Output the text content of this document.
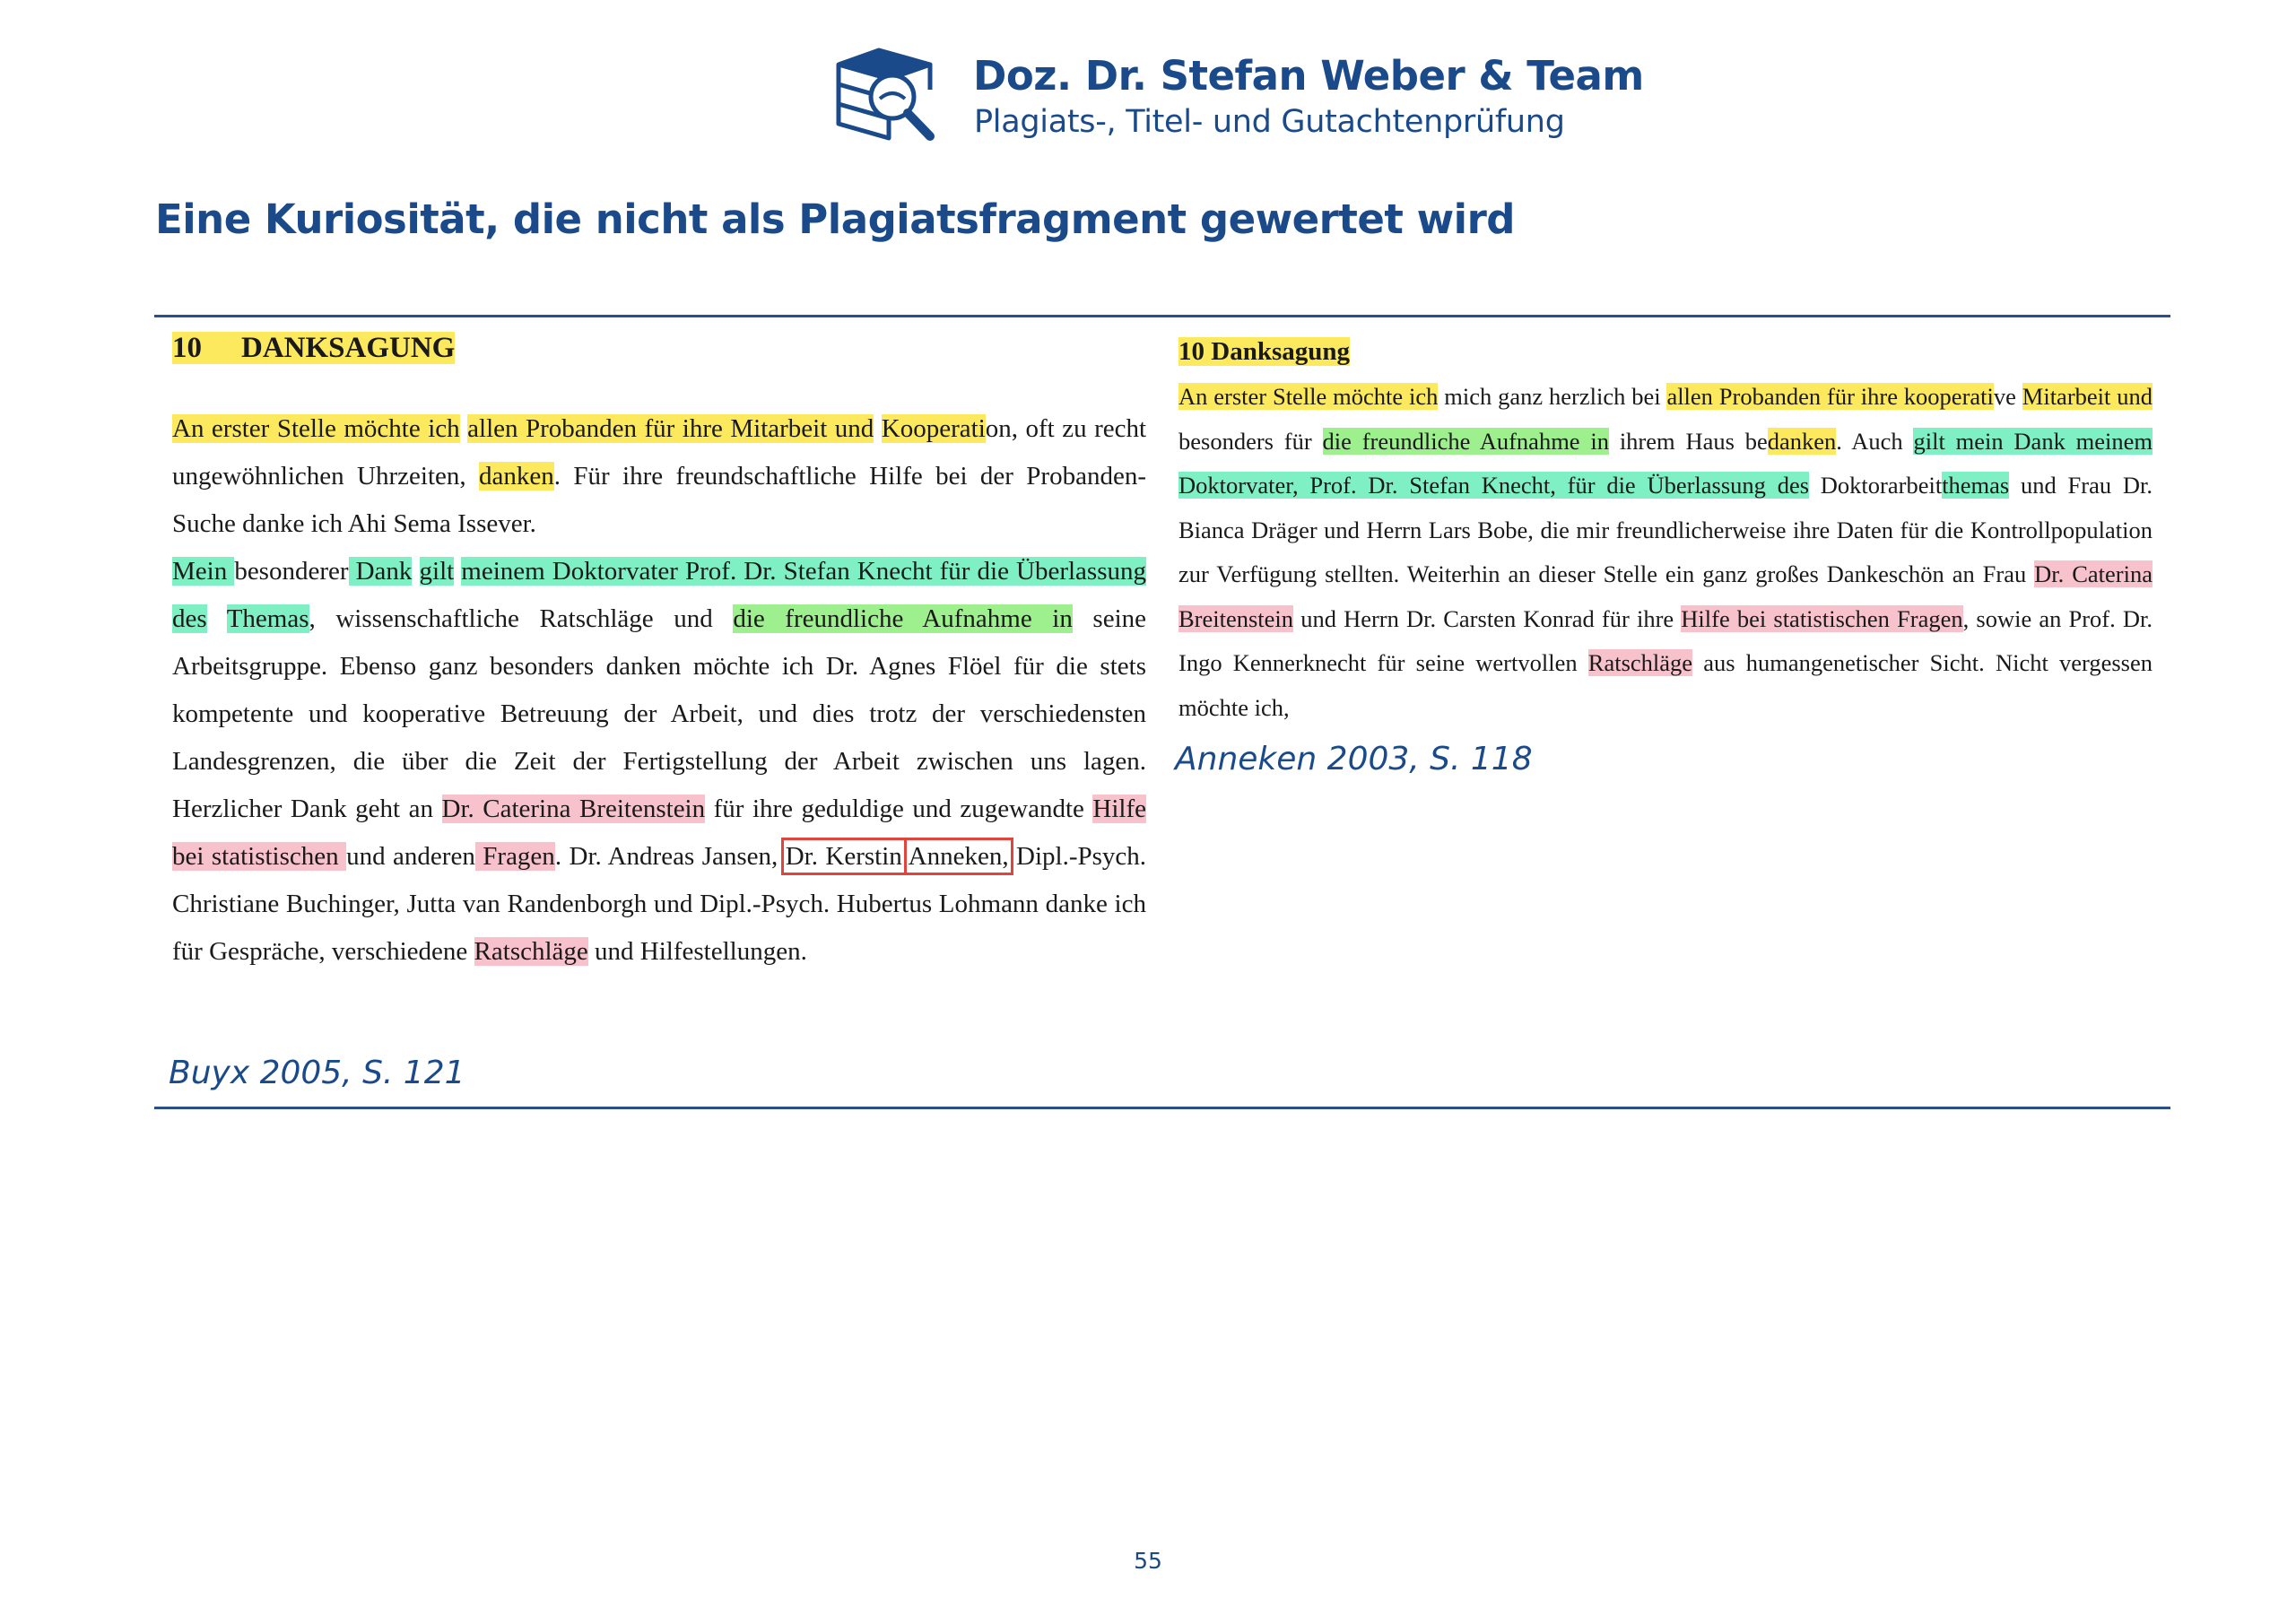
Doz. Dr. Stefan Weber & Team
Plagiats-, Titel- und Gutachtenprüfung
Eine Kuriosität, die nicht als Plagiatsfragment gewertet wird
10 DANKSAGUNG

An erster Stelle möchte ich allen Probanden für ihre Mitarbeit und Kooperation, oft zu recht ungewöhnlichen Uhrzeiten, danken. Für ihre freundschaftliche Hilfe bei der Probanden-Suche danke ich Ahi Sema Issever.

Mein besonderer Dank gilt meinem Doktorvater Prof. Dr. Stefan Knecht für die Überlassung des Themas, wissenschaftliche Ratschläge und die freundliche Aufnahme in seine Arbeitsgruppe. Ebenso ganz besonders danken möchte ich Dr. Agnes Flöel für die stets kompetente und kooperative Betreuung der Arbeit, und dies trotz der verschiedensten Landesgrenzen, die über die Zeit der Fertigstellung der Arbeit zwischen uns lagen. Herzlicher Dank geht an Dr. Caterina Breitenstein für ihre geduldige und zugewandte Hilfe bei statistischen und anderen Fragen. Dr. Andreas Jansen, Dr. Kerstin Anneken, Dipl.-Psych. Christiane Buchinger, Jutta van Randenborgh und Dipl.-Psych. Hubertus Lohmann danke ich für Gespräche, verschiedene Ratschläge und Hilfestellungen.

Buyx 2005, S. 121
10 Danksagung

An erster Stelle möchte ich mich ganz herzlich bei allen Probanden für ihre kooperative Mitarbeit und besonders für die freundliche Aufnahme in ihrem Haus bedanken. Auch gilt mein Dank meinem Doktorvater, Prof. Dr. Stefan Knecht, für die Überlassung des Doktorarbeitthemas und Frau Dr. Bianca Dräger und Herrn Lars Bobe, die mir freundlicherweise ihre Daten für die Kontrollpopulation zur Verfügung stellten. Weiterhin an dieser Stelle ein ganz großes Dankeschön an Frau Dr. Caterina Breitenstein und Herrn Dr. Carsten Konrad für ihre Hilfe bei statistischen Fragen, sowie an Prof. Dr. Ingo Kennerknecht für seine wertvollen Ratschläge aus humangenetischer Sicht. Nicht vergessen möchte ich,

Anneken 2003, S. 118
55
